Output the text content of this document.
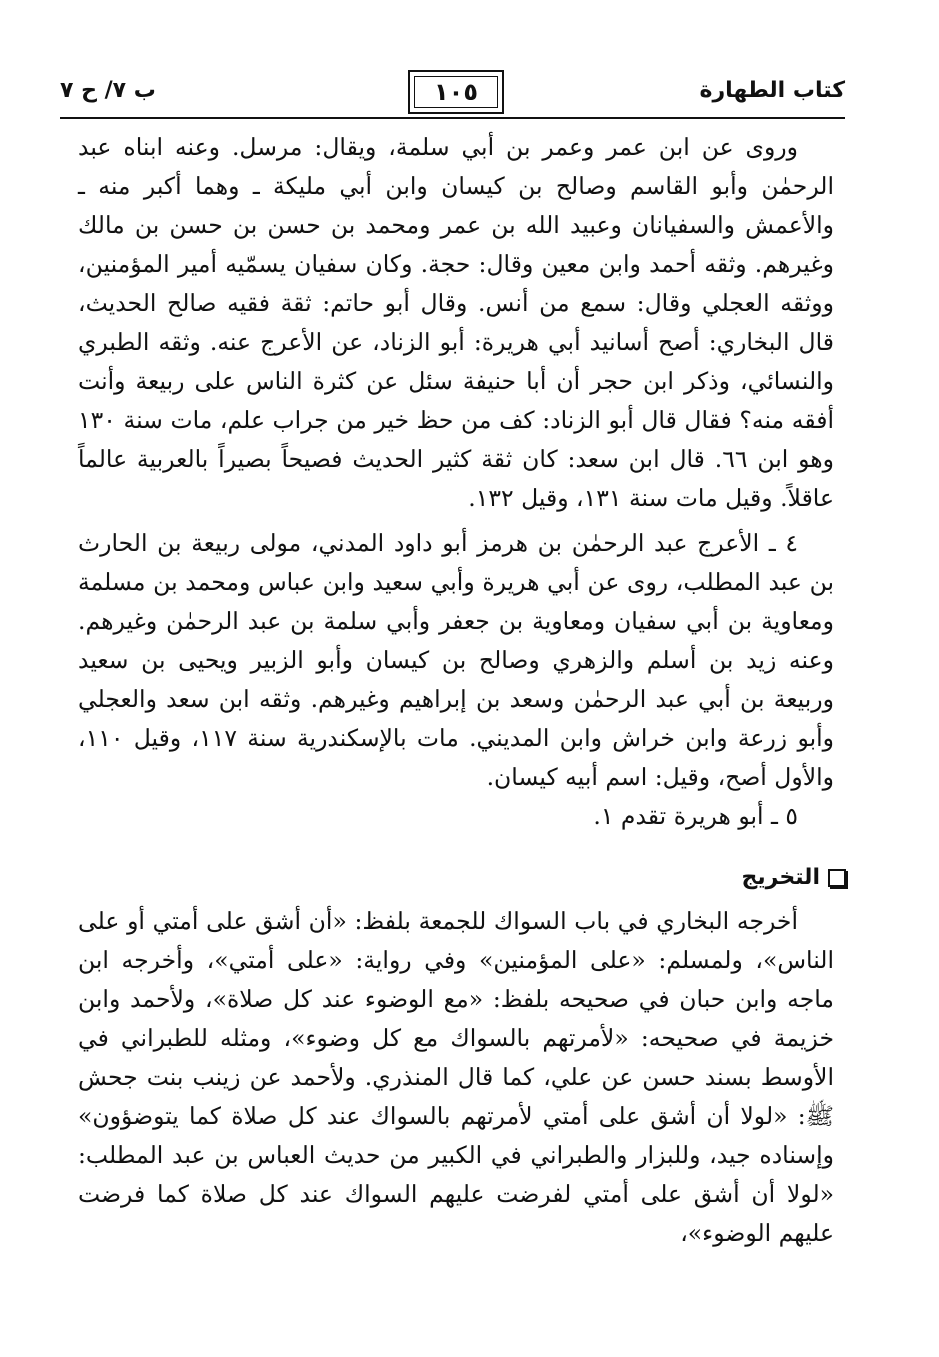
كتاب الطهارة
١٠٥
ب ٧/ ح ٧

وروى عن ابن عمر وعمر بن أبي سلمة، ويقال: مرسل. وعنه ابناه عبد الرحمٰن وأبو القاسم وصالح بن كيسان وابن أبي مليكة ـ وهما أكبر منه ـ والأعمش والسفيانان وعبيد الله بن عمر ومحمد بن حسن بن حسن بن مالك وغيرهم. وثقه أحمد وابن معين وقال: حجة. وكان سفيان يسمّيه أمير المؤمنين، ووثقه العجلي وقال: سمع من أنس. وقال أبو حاتم: ثقة فقيه صالح الحديث، قال البخاري: أصح أسانيد أبي هريرة: أبو الزناد، عن الأعرج عنه. وثقه الطبري والنسائي، وذكر ابن حجر أن أبا حنيفة سئل عن كثرة الناس على ربيعة وأنت أفقه منه؟ فقال قال أبو الزناد: كف من حظ خير من جراب علم، مات سنة ١٣٠ وهو ابن ٦٦. قال ابن سعد: كان ثقة كثير الحديث فصيحاً بصيراً بالعربية عالماً عاقلاً. وقيل مات سنة ١٣١، وقيل ١٣٢.

٤ ـ الأعرج عبد الرحمٰن بن هرمز أبو داود المدني، مولى ربيعة بن الحارث بن عبد المطلب، روى عن أبي هريرة وأبي سعيد وابن عباس ومحمد بن مسلمة ومعاوية بن أبي سفيان ومعاوية بن جعفر وأبي سلمة بن عبد الرحمٰن وغيرهم. وعنه زيد بن أسلم والزهري وصالح بن كيسان وأبو الزبير ويحيى بن سعيد وربيعة بن أبي عبد الرحمٰن وسعد بن إبراهيم وغيرهم. وثقه ابن سعد والعجلي وأبو زرعة وابن خراش وابن المديني. مات بالإسكندرية سنة ١١٧، وقيل ١١٠، والأول أصح، وقيل: اسم أبيه كيسان.

٥ ـ أبو هريرة تقدم ١.

التخريج

أخرجه البخاري في باب السواك للجمعة بلفظ: «أن أشق على أمتي أو على الناس»، ولمسلم: «على المؤمنين» وفي رواية: «على أمتي»، وأخرجه ابن ماجه وابن حبان في صحيحه بلفظ: «مع الوضوء عند كل صلاة»، ولأحمد وابن خزيمة في صحيحه: «لأمرتهم بالسواك مع كل وضوء»، ومثله للطبراني في الأوسط بسند حسن عن علي، كما قال المنذري. ولأحمد عن زينب بنت جحش ﷺ: «لولا أن أشق على أمتي لأمرتهم بالسواك عند كل صلاة كما يتوضؤون» وإسناده جيد، وللبزار والطبراني في الكبير من حديث العباس بن عبد المطلب: «لولا أن أشق على أمتي لفرضت عليهم السواك عند كل صلاة كما فرضت عليهم الوضوء»،
